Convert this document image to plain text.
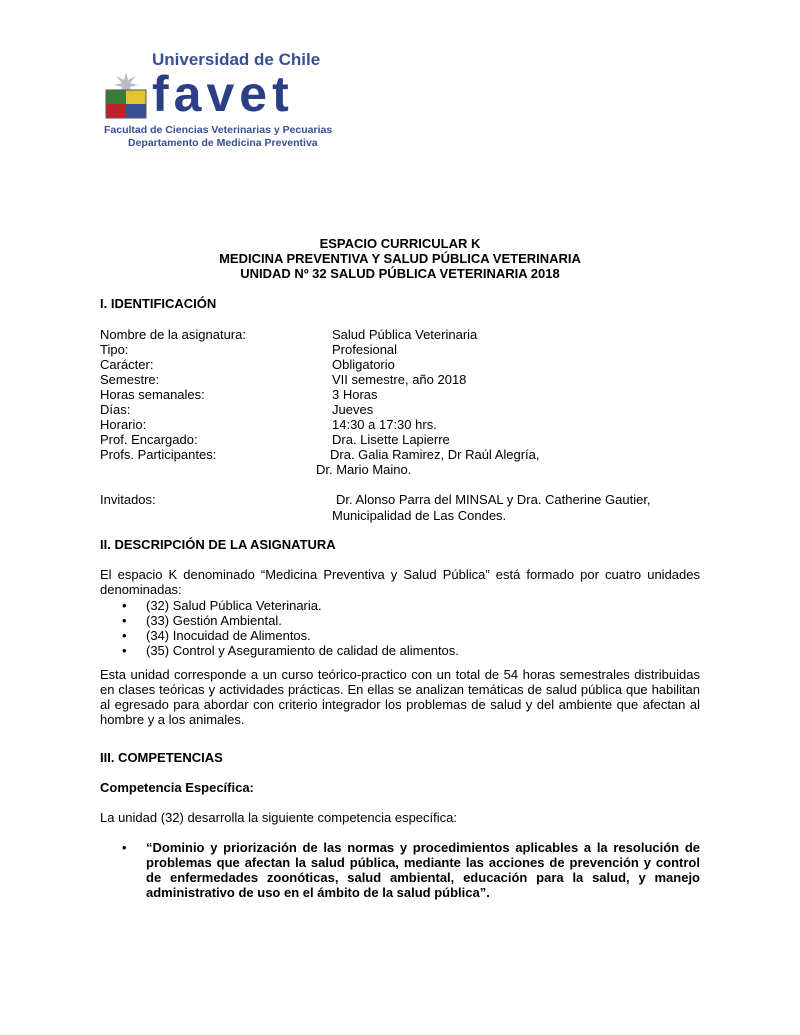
Universidad de Chile
favet
Facultad de Ciencias Veterinarias y Pecuarias
Departamento de Medicina Preventiva
ESPACIO CURRICULAR K
MEDICINA PREVENTIVA Y SALUD PÚBLICA VETERINARIA
UNIDAD Nº 32 SALUD PÚBLICA VETERINARIA 2018
I. IDENTIFICACIÓN
Nombre de la asignatura:	Salud Pública Veterinaria
Tipo:	Profesional
Carácter:	Obligatorio
Semestre:	VII semestre, año 2018
Horas semanales:	3 Horas
Días:	Jueves
Horario:	14:30 a 17:30 hrs.
Prof. Encargado:	Dra. Lisette Lapierre
Profs. Participantes:	Dra. Galia Ramirez, Dr Raúl Alegría,
Dr. Mario Maino.
Invitados:	Dr. Alonso Parra del MINSAL y Dra. Catherine Gautier,
Municipalidad de Las Condes.
II. DESCRIPCIÓN DE LA ASIGNATURA
El espacio K denominado “Medicina Preventiva y Salud Pública” está formado por cuatro unidades denominadas:
• (32) Salud Pública Veterinaria.
• (33) Gestión Ambiental.
• (34) Inocuidad de Alimentos.
• (35) Control y Aseguramiento de calidad de alimentos.
Esta unidad corresponde a un curso teórico-practico con un total de 54 horas semestrales distribuidas en clases teóricas y actividades prácticas. En ellas se analizan temáticas de salud pública que habilitan al egresado para abordar con criterio integrador los problemas de salud y del ambiente que afectan al hombre y a los animales.
III. COMPETENCIAS
Competencia Específica:
La unidad (32) desarrolla la siguiente competencia específica:
• “Dominio y priorización de las normas y procedimientos aplicables a la resolución de problemas que afectan la salud pública, mediante las acciones de prevención y control de enfermedades zoonóticas, salud ambiental, educación para la salud, y manejo administrativo de uso en el ámbito de la salud pública”.
